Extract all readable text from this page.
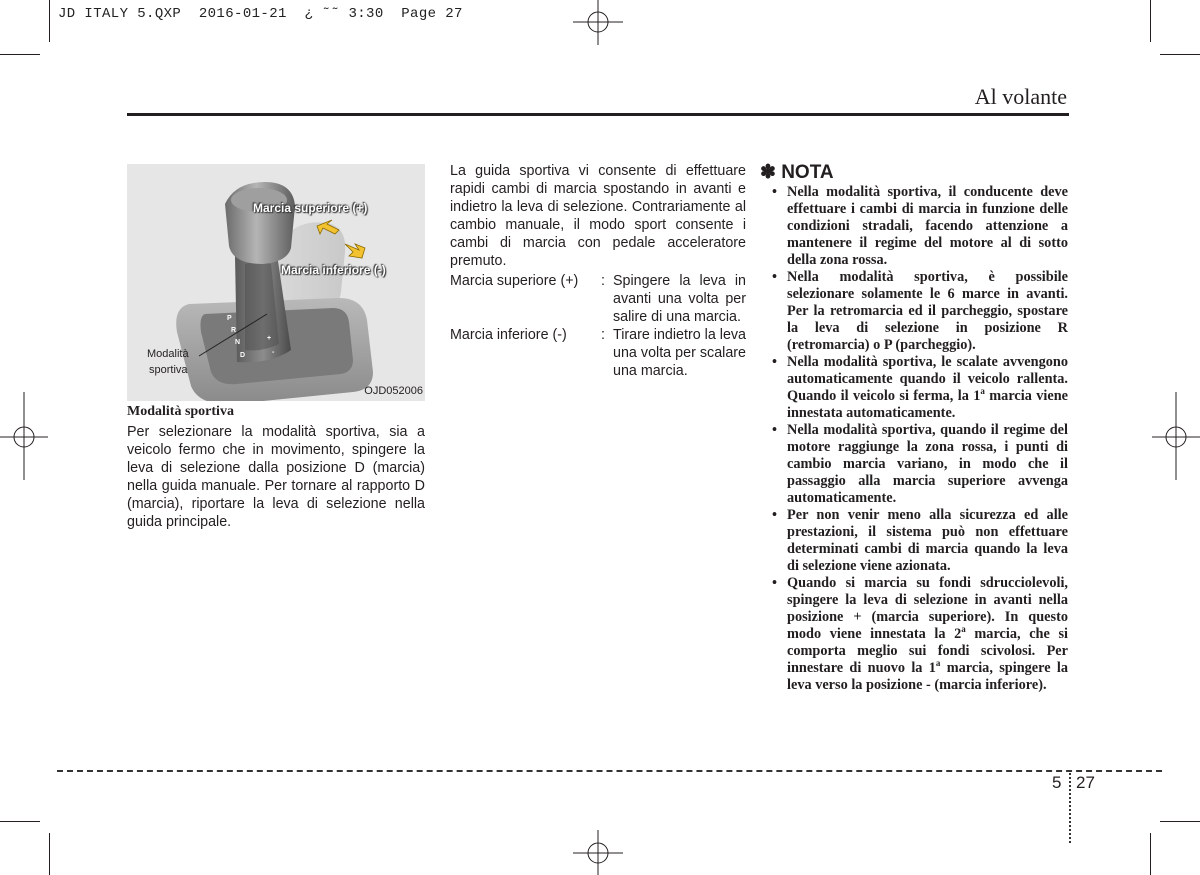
JD ITALY 5.QXP  2016-01-21  ¿ ˜˜ 3:30  Page 27
Al volante
P
R
N
D
+
-
Marcia superiore (+)
Marcia inferiore (-)
Modalità
sportiva
OJD052006
Modalità sportiva
Per selezionare la modalità sportiva, sia a veicolo fermo che in movimento, spingere la leva di selezione dalla posizione D (marcia) nella guida manuale. Per tornare al rapporto D (marcia), riportare la leva di selezione nella guida principale.
La guida sportiva vi consente di effettuare rapidi cambi di marcia spostando in avanti e indietro la leva di selezione. Contrariamente al cambio manuale, il modo sport consente i cambi di marcia con pedale acceleratore premuto.
Marcia superiore (+)	: Spingere la leva in avanti una volta per salire di una marcia.
Marcia inferiore (-)	: Tirare indietro la leva una volta per scalare una marcia.
✽ NOTA
• Nella modalità sportiva, il conducente deve effettuare i cambi di marcia in funzione delle condizioni stradali, facendo attenzione a mantenere il regime del motore al di sotto della zona rossa.
• Nella modalità sportiva, è possibile selezionare solamente le 6 marce in avanti. Per la retromarcia ed il parcheggio, spostare la leva di selezione in posizione R (retromarcia) o P (parcheggio).
• Nella modalità sportiva, le scalate avvengono automaticamente quando il veicolo rallenta. Quando il veicolo si ferma, la 1$^a$ marcia viene innestata automaticamente.
• Nella modalità sportiva, quando il regime del motore raggiunge la zona rossa, i punti di cambio marcia variano, in modo che il passaggio alla marcia superiore avvenga automaticamente.
• Per non venir meno alla sicurezza ed alle prestazioni, il sistema può non effettuare determinati cambi di marcia quando la leva di selezione viene azionata.
• Quando si marcia su fondi sdrucciolevoli, spingere la leva di selezione in avanti nella posizione + (marcia superiore). In questo modo viene innestata la 2$^a$ marcia, che si comporta meglio sui fondi scivolosi. Per innestare di nuovo la 1$^a$ marcia, spingere la leva verso la posizione - (marcia inferiore).
5 27
